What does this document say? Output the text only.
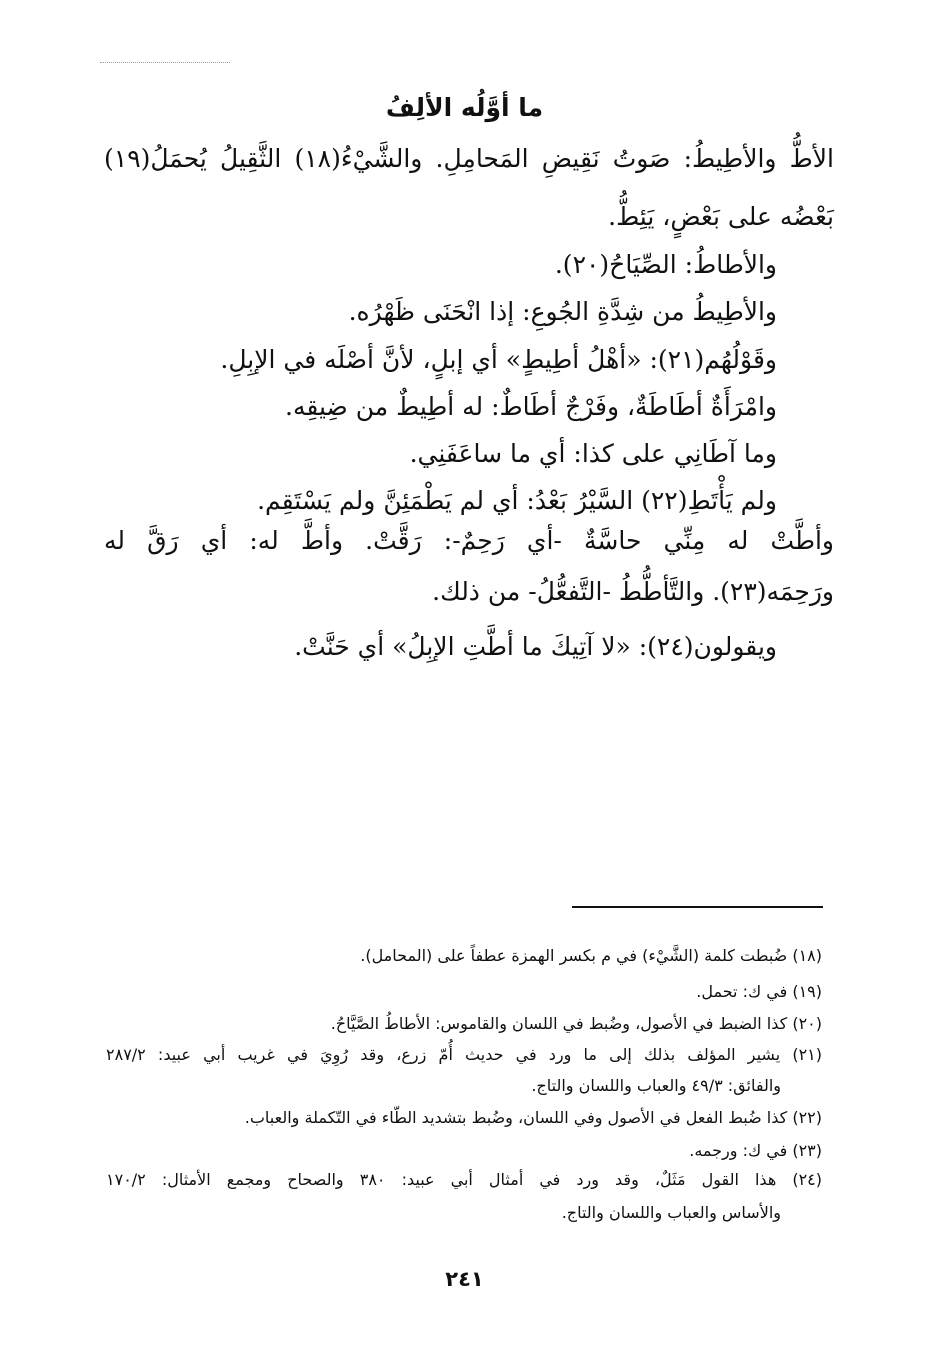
ما أوَّلُه الألِفُ
الأطُّ والأطِيطُ: صَوتُ نَقِيضِ المَحامِلِ. والشَّيْءُ(١٨) الثَّقِيلُ يُحمَلُ(١٩)
بَعْضُه على بَعْضٍ، يَئِطُّ.
والأطاطُ: الصِّيَاحُ(٢٠).
والأطِيطُ من شِدَّةِ الجُوعِ: إذا انْحَنَى ظَهْرُه.
وقَوْلُهُم(٢١): «أهْلُ أطِيطٍ» أي إبلٍ، لأنَّ أصْلَه في الإبِلِ.
وامْرَأَةٌ أطَاطَةٌ، وفَرْجٌ أطَاطٌ: له أطِيطٌ من ضِيقِه.
وما آطَانِي على كذا: أي ما ساعَفَنِي.
ولم يَأْتَطِ(٢٢) السَّيْرُ بَعْدُ: أي لم يَطْمَئِنَّ ولم يَسْتَقِم.
وأطَّتْ له مِنِّي حاسَّةٌ -أي رَحِمٌ-: رَقَّتْ. وأطَّ له: أي رَقَّ له
ورَحِمَه(٢٣). والتَّأطُّطُ -التَّفعُّلُ- من ذلك.
ويقولون(٢٤): «لا آتِيكَ ما أطَّتِ الإبِلُ» أي حَنَّتْ.
(١٨) ضُبطت كلمة (الشَّيْء) في م بكسر الهمزة عطفاً على (المحامل).
(١٩) في ك: تحمل.
(٢٠) كذا الضبط في الأصول، وضُبط في اللسان والقاموس: الأطاطُ الصَّيَّاحُ.
(٢١) يشير المؤلف بذلك إلى ما ورد في حديث أُمّ زرع، وقد رُوِيَ في غريب أبي عبيد: ٢٨٧/٢
والفائق: ٤٩/٣ والعباب واللسان والتاج.
(٢٢) كذا ضُبط الفعل في الأصول وفي اللسان، وضُبط بتشديد الطّاء في التّكملة والعباب.
(٢٣) في ك: ورجمه.
(٢٤) هذا القول مَثَلٌ، وقد ورد في أمثال أبي عبيد: ٣٨٠ والصحاح ومجمع الأمثال: ١٧٠/٢
والأساس والعباب واللسان والتاج.
٢٤١
